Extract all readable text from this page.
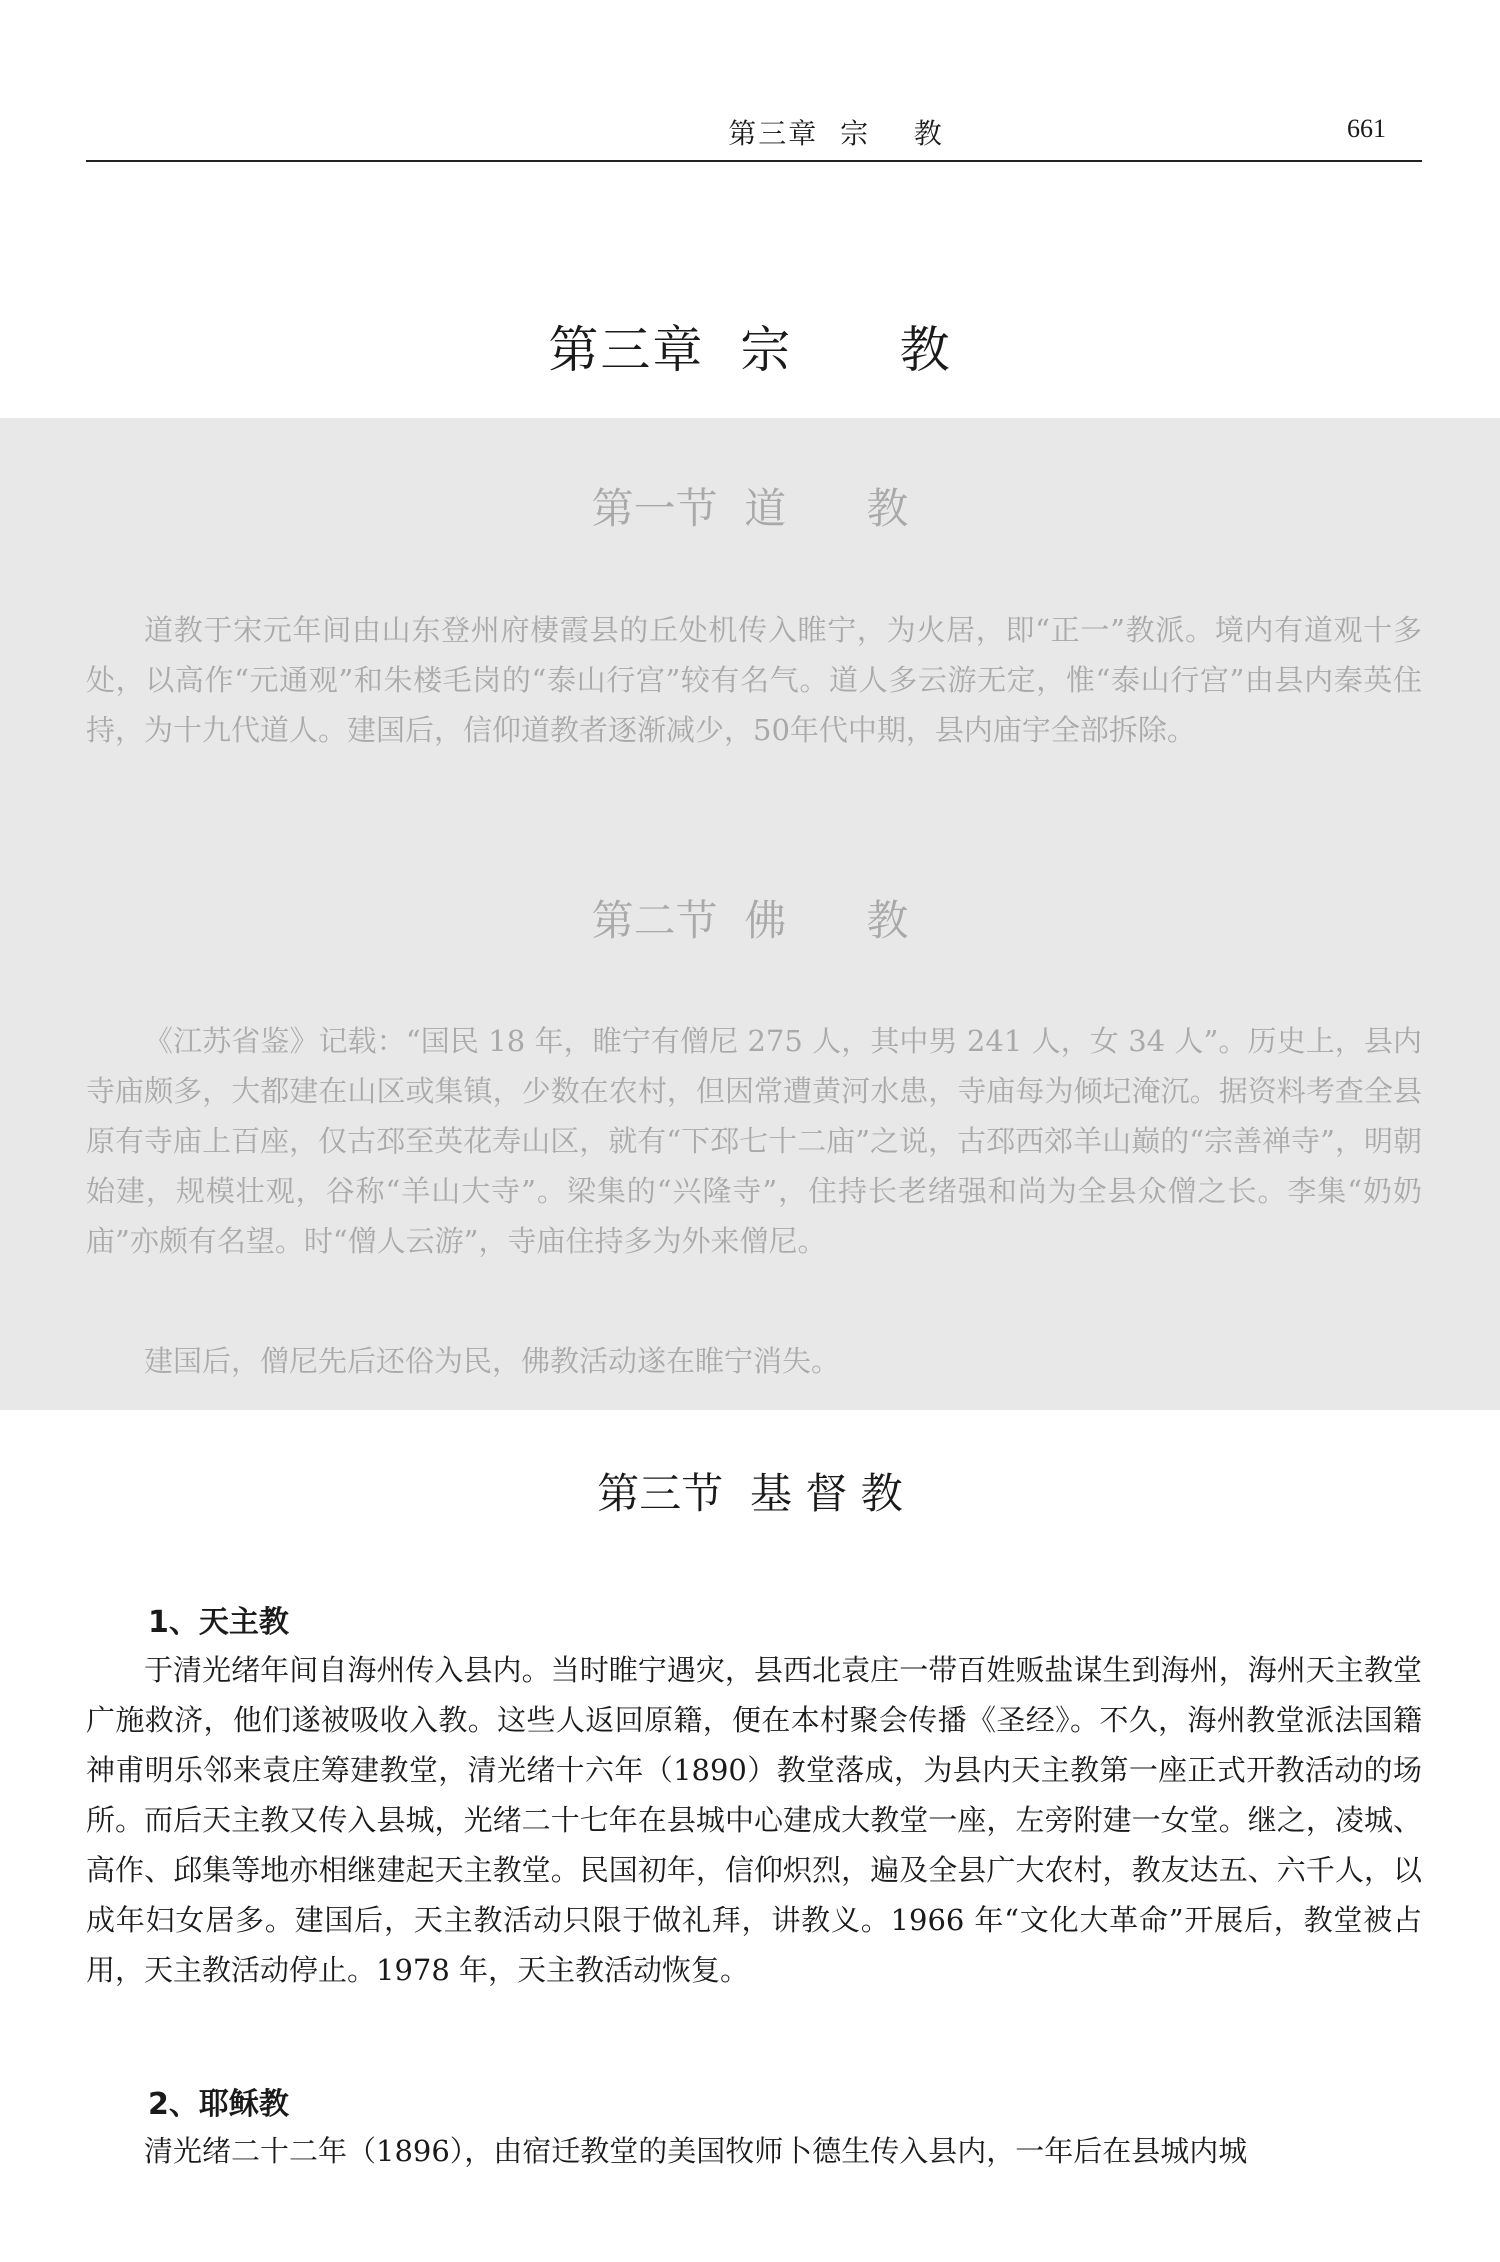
第三章  宗    教	661
第三章  宗      教
第一节  道      教

道教于宋元年间由山东登州府棲霞县的丘处机传入睢宁，为火居，即“正一”教派。境内有道观十多处，以高作“元通观”和朱楼毛岗的“泰山行宫”较有名气。道人多云游无定，惟“泰山行宫”由县内秦英住持，为十九代道人。建国后，信仰道教者逐渐减少，50年代中期，县内庙宇全部拆除。

第二节  佛      教

《江苏省鉴》记载：“国民 18 年，睢宁有僧尼 275 人，其中男 241 人，女 34 人”。历史上，县内寺庙颇多，大都建在山区或集镇，少数在农村，但因常遭黄河水患，寺庙每为倾圮淹沉。据资料考查全县原有寺庙上百座，仅古邳至英花寿山区，就有“下邳七十二庙”之说，古邳西郊羊山巅的“宗善禅寺”，明朝始建，规模壮观，谷称“羊山大寺”。梁集的“兴隆寺”，住持长老绪强和尚为全县众僧之长。李集“奶奶庙”亦颇有名望。时“僧人云游”，寺庙住持多为外来僧尼。

建国后，僧尼先后还俗为民，佛教活动遂在睢宁消失。

第三节  基 督 教
1、天主教

于清光绪年间自海州传入县内。当时睢宁遇灾，县西北袁庄一带百姓贩盐谋生到海州，海州天主教堂广施救济，他们遂被吸收入教。这些人返回原籍，便在本村聚会传播《圣经》。不久，海州教堂派法国籍神甫明乐邻来袁庄筹建教堂，清光绪十六年（1890）教堂落成，为县内天主教第一座正式开教活动的场所。而后天主教又传入县城，光绪二十七年在县城中心建成大教堂一座，左旁附建一女堂。继之，凌城、高作、邱集等地亦相继建起天主教堂。民国初年，信仰炽烈，遍及全县广大农村，教友达五、六千人，以成年妇女居多。建国后，天主教活动只限于做礼拜，讲教义。1966 年“文化大革命”开展后，教堂被占用，天主教活动停止。1978 年，天主教活动恢复。

2、耶稣教

清光绪二十二年（1896），由宿迁教堂的美国牧师卜德生传入县内，一年后在县城内城
